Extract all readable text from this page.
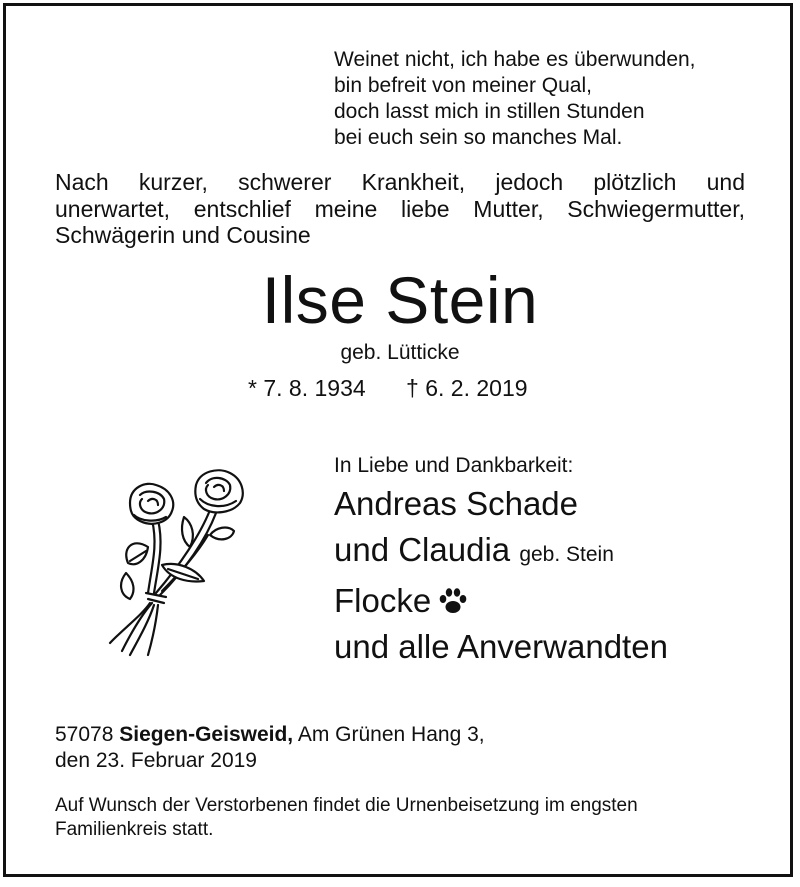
Weinet nicht, ich habe es überwunden,
bin befreit von meiner Qual,
doch lasst mich in stillen Stunden
bei euch sein so manches Mal.
Nach kurzer, schwerer Krankheit, jedoch plötzlich und
unerwartet, entschlief meine liebe Mutter, Schwiegermutter,
Schwägerin und Cousine
Ilse Stein
geb. Lütticke
* 7. 8. 1934 † 6. 2. 2019
In Liebe und Dankbarkeit:
Andreas Schade
und Claudia geb. Stein
Flocke
und alle Anverwandten
57078 Siegen-Geisweid, Am Grünen Hang 3,
den 23. Februar 2019
Auf Wunsch der Verstorbenen findet die Urnenbeisetzung im engsten
Familienkreis statt.
